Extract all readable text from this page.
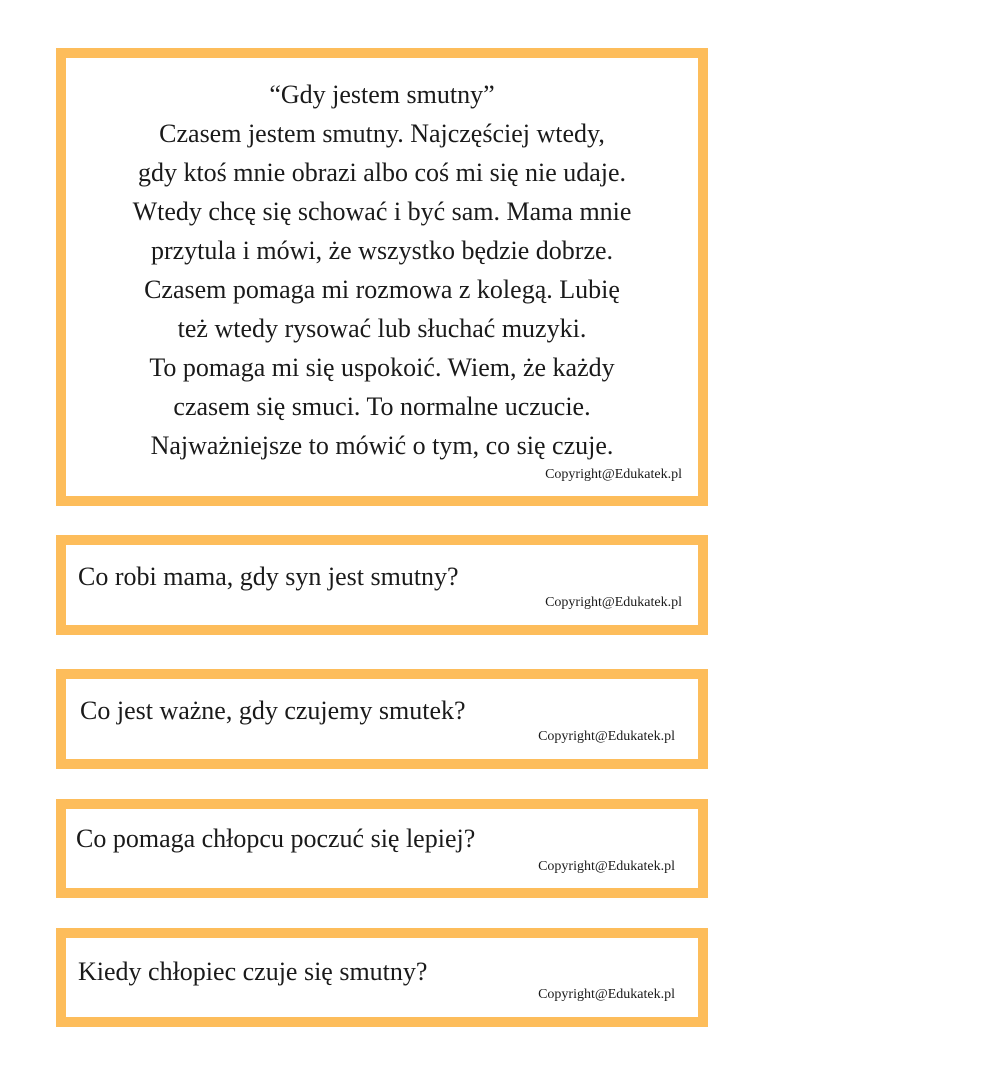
“Gdy jestem smutny”
Czasem jestem smutny. Najczęściej wtedy,
gdy ktoś mnie obrazi albo coś mi się nie udaje.
Wtedy chcę się schować i być sam. Mama mnie
przytula i mówi, że wszystko będzie dobrze.
Czasem pomaga mi rozmowa z kolegą. Lubię
też wtedy rysować lub słuchać muzyki.
To pomaga mi się uspokoić. Wiem, że każdy
czasem się smuci. To normalne uczucie.
Najważniejsze to mówić o tym, co się czuje.
Copyright@Edukatek.pl
Co robi mama, gdy syn jest smutny?
Copyright@Edukatek.pl
Co jest ważne, gdy czujemy smutek?
Copyright@Edukatek.pl
Co pomaga chłopcu poczuć się lepiej?
Copyright@Edukatek.pl
Kiedy chłopiec czuje się smutny?
Copyright@Edukatek.pl
